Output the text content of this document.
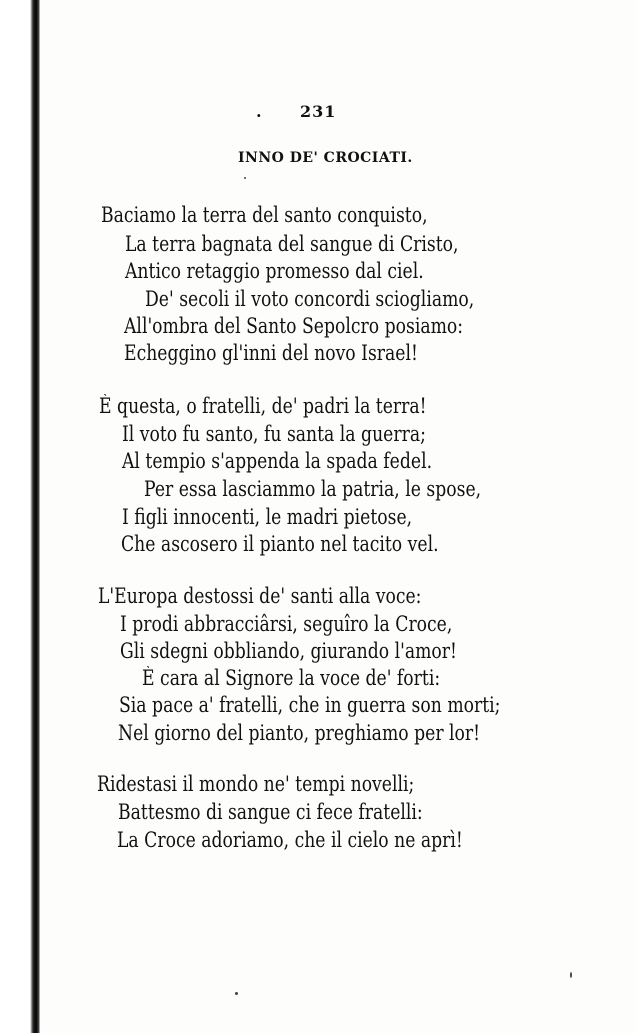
. 231
INNO DE' CROCIATI.
Baciamo la terra del santo conquisto,
La terra bagnata del sangue di Cristo,
Antico retaggio promesso dal ciel.
De' secoli il voto concordi sciogliamo,
All'ombra del Santo Sepolcro posiamo:
Echeggino gl'inni del novo Israel!
È questa, o fratelli, de' padri la terra!
Il voto fu santo, fu santa la guerra;
Al tempio s'appenda la spada fedel.
Per essa lasciammo la patria, le spose,
I figli innocenti, le madri pietose,
Che ascosero il pianto nel tacito vel.
L'Europa destossi de' santi alla voce:
I prodi abbracciârsi, seguîro la Croce,
Gli sdegni obbliando, giurando l'amor!
È cara al Signore la voce de' forti:
Sia pace a' fratelli, che in guerra son morti;
Nel giorno del pianto, preghiamo per lor!
Ridestasi il mondo ne' tempi novelli;
Battesmo di sangue ci fece fratelli:
La Croce adoriamo, che il cielo ne aprì!
